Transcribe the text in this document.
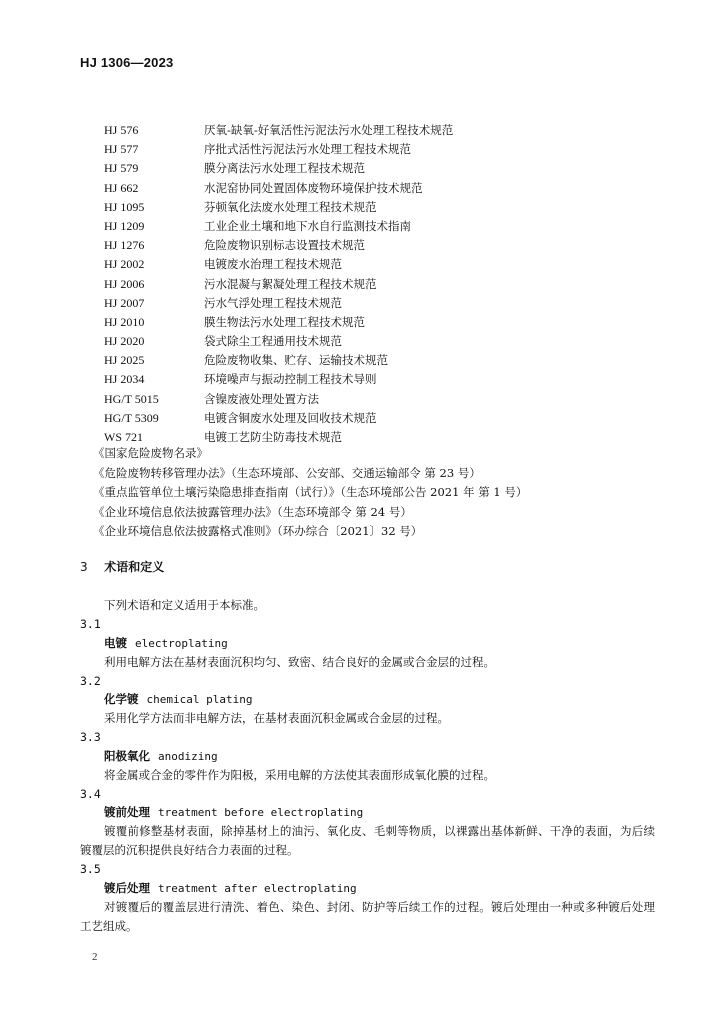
HJ 1306—2023
HJ 576	厌氧-缺氧-好氧活性污泥法污水处理工程技术规范
HJ 577	序批式活性污泥法污水处理工程技术规范
HJ 579	膜分离法污水处理工程技术规范
HJ 662	水泥窑协同处置固体废物环境保护技术规范
HJ 1095	芬顿氧化法废水处理工程技术规范
HJ 1209	工业企业土壤和地下水自行监测技术指南
HJ 1276	危险废物识别标志设置技术规范
HJ 2002	电镀废水治理工程技术规范
HJ 2006	污水混凝与絮凝处理工程技术规范
HJ 2007	污水气浮处理工程技术规范
HJ 2010	膜生物法污水处理工程技术规范
HJ 2020	袋式除尘工程通用技术规范
HJ 2025	危险废物收集、贮存、运输技术规范
HJ 2034	环境噪声与振动控制工程技术导则
HG/T 5015	含镍废液处理处置方法
HG/T 5309	电镀含铜废水处理及回收技术规范
WS 721	电镀工艺防尘防毒技术规范
《国家危险废物名录》
《危险废物转移管理办法》（生态环境部、公安部、交通运输部令 第 23 号）
《重点监管单位土壤污染隐患排查指南（试行）》（生态环境部公告 2021 年 第 1 号）
《企业环境信息依法披露管理办法》（生态环境部令 第 24 号）
《企业环境信息依法披露格式准则》（环办综合〔2021〕32 号）
3 术语和定义
下列术语和定义适用于本标准。
3.1
电镀 electroplating
利用电解方法在基材表面沉积均匀、致密、结合良好的金属或合金层的过程。
3.2
化学镀 chemical plating
采用化学方法而非电解方法，在基材表面沉积金属或合金层的过程。
3.3
阳极氧化 anodizing
将金属或合金的零件作为阳极，采用电解的方法使其表面形成氧化膜的过程。
3.4
镀前处理 treatment before electroplating
镀覆前修整基材表面，除掉基材上的油污、氧化皮、毛刺等物质，以裸露出基体新鲜、干净的表面，为后续镀覆层的沉积提供良好结合力表面的过程。
3.5
镀后处理 treatment after electroplating
对镀覆后的覆盖层进行清洗、着色、染色、封闭、防护等后续工作的过程。镀后处理由一种或多种镀后处理工艺组成。
2
